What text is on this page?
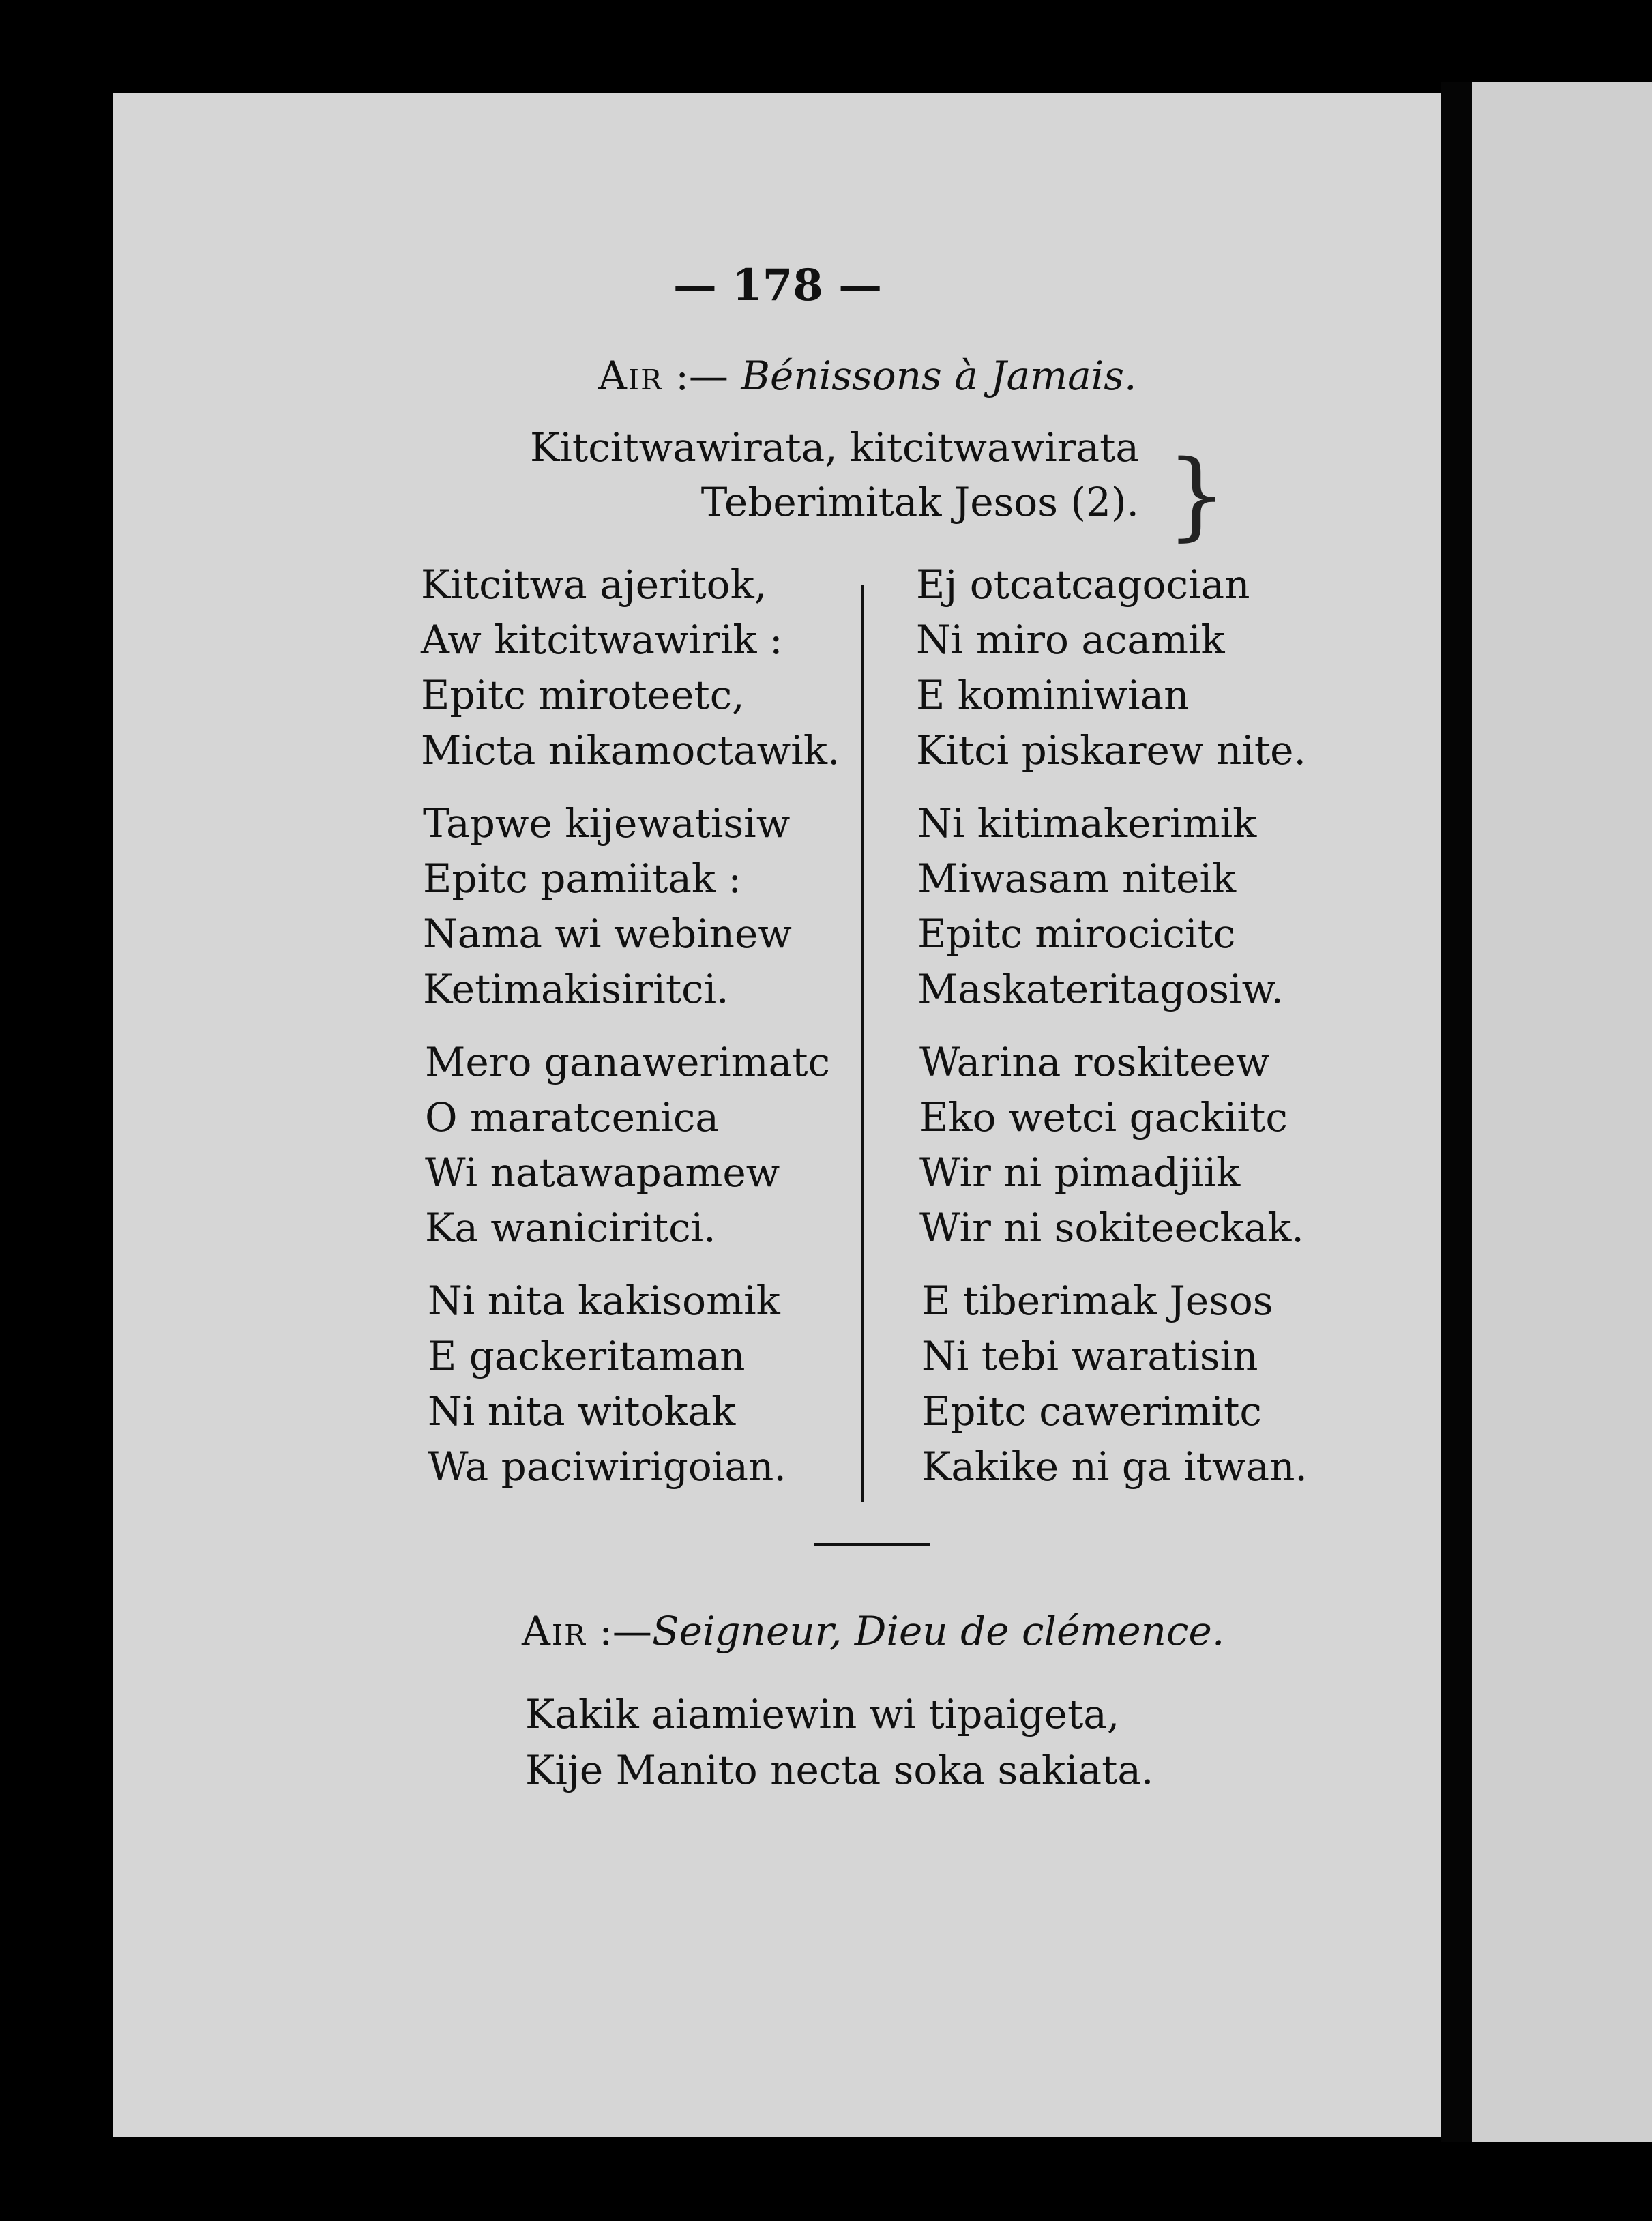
— 178 —
Air :— Bénissons à Jamais.
Kitcitwawirata, kitcitwawirata
Teberimitak Jesos (2). }
Kitcitwa ajeritok,
Aw kitcitwawirik :
Epitc miroteetc,
Micta nikamoctawik.
Tapwe kijewatisiw
Epitc pamiitak :
Nama wi webinew
Ketimakisiritci.
Mero ganawerimatc
O maratcenica
Wi natawapamew
Ka waniciritci.
Ni nita kakisomik
E gackeritaman
Ni nita witokak
Wa paciwirigoian.
Ej otcatcagocian
Ni miro acamik
E kominiwian
Kitci piskarew nite.
Ni kitimakerimik
Miwasam niteik
Epitc mirocicitc
Maskateritagosiw.
Warina roskiteew
Eko wetci gackiitc
Wir ni pimadjiik
Wir ni sokiteeckak.
E tiberimak Jesos
Ni tebi waratisin
Epitc cawerimitc
Kakike ni ga itwan.
Air :—Seigneur, Dieu de clémence.
Kakik aiamiewin wi tipaigeta,
Kije Manito necta soka sakiata.
